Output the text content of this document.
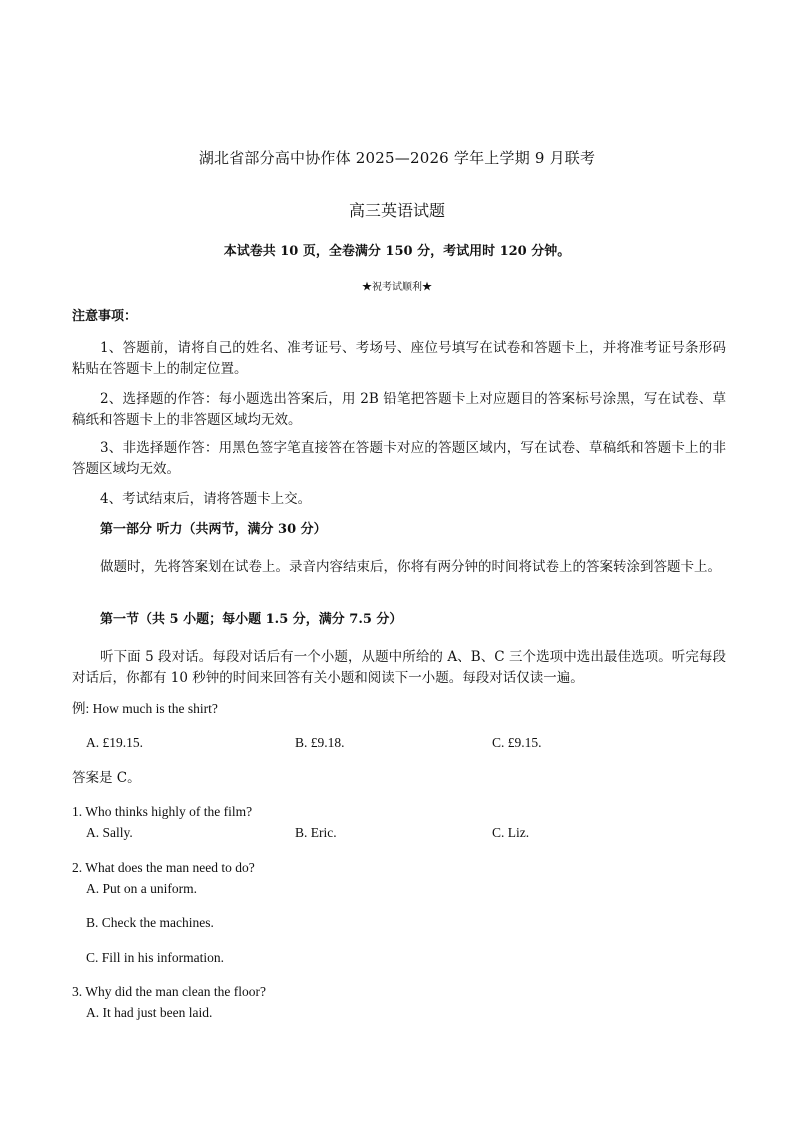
湖北省部分高中协作体 2025—2026 学年上学期 9 月联考
高三英语试题
本试卷共 10 页，全卷满分 150 分，考试用时 120 分钟。
★祝考试顺利★
注意事项：
1、答题前，请将自己的姓名、准考证号、考场号、座位号填写在试卷和答题卡上，并将准考证号条形码粘贴在答题卡上的制定位置。
2、选择题的作答：每小题选出答案后，用 2B 铅笔把答题卡上对应题目的答案标号涂黑，写在试卷、草稿纸和答题卡上的非答题区域均无效。
3、非选择题作答：用黑色签字笔直接答在答题卡对应的答题区域内，写在试卷、草稿纸和答题卡上的非答题区域均无效。
4、考试结束后，请将答题卡上交。
第一部分 听力（共两节，满分 30 分）
做题时，先将答案划在试卷上。录音内容结束后，你将有两分钟的时间将试卷上的答案转涂到答题卡上。
第一节（共 5 小题；每小题 1.5 分，满分 7.5 分）
听下面 5 段对话。每段对话后有一个小题，从题中所给的 A、B、C 三个选项中选出最佳选项。听完每段对话后，你都有 10 秒钟的时间来回答有关小题和阅读下一小题。每段对话仅读一遍。
例: How much is the shirt?
A. £19.15.	B. £9.18.	C. £9.15.
答案是 C。
1. Who thinks highly of the film?
A. Sally.	B. Eric.	C. Liz.
2. What does the man need to do?
A. Put on a uniform.
B. Check the machines.
C. Fill in his information.
3. Why did the man clean the floor?
A. It had just been laid.
